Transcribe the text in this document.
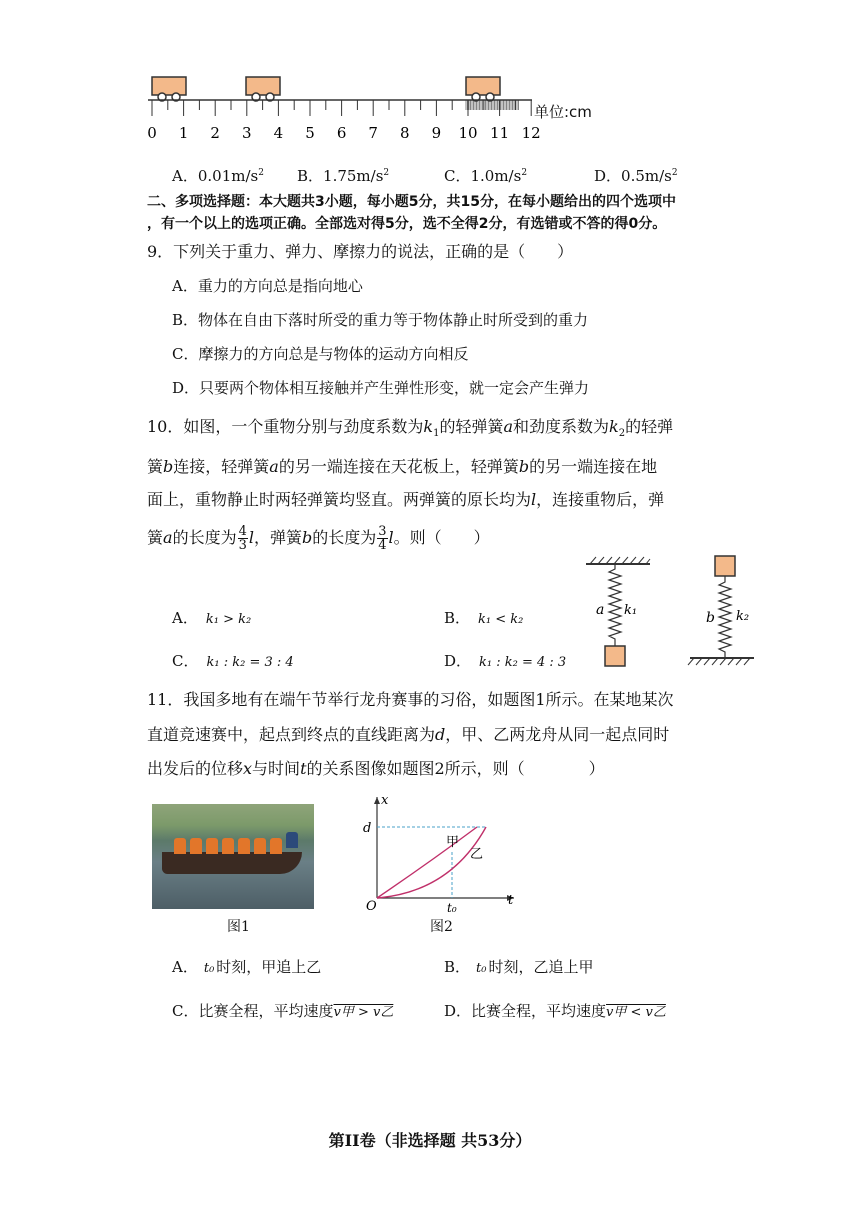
0 1 2 3 4 5 6 7 8 9 10 11 12
单位:cm
A．$0.01m/s^2$ B．$1.75m/s^2$	C．$1.0m/s^2$	D．$0.5m/s^2$
二、多项选择题：本大题共3小题，每小题5分，共15分，在每小题给出的四个选项中
，有一个以上的选项正确。全部选对得5分，选不全得2分，有选错或不答的得0分。
9．下列关于重力、弹力、摩擦力的说法，正确的是（　　）
A．重力的方向总是指向地心
B．物体在自由下落时所受的重力等于物体静止时所受到的重力
C．摩擦力的方向总是与物体的运动方向相反
D．只要两个物体相互接触并产生弹性形变，就一定会产生弹力
10．如图，一个重物分别与劲度系数为$k_1$的轻弹簧a和劲度系数为$k_2$的轻弹
簧b连接，轻弹簧a的另一端连接在天花板上，轻弹簧b的另一端连接在地
面上，重物静止时两轻弹簧均竖直。两弹簧的原长均为l，连接重物后，弹
簧a的长度为 $\frac{4}{3}$ l，弹簧b的长度为 $\frac{3}{4}$ l。则（　　）
A． k₁ > k₂	B． k₁ < k₂
C． k₁ : k₂ = 3 : 4	D． k₁ : k₂ = 4 : 3
a k₁	b k₂
11．我国多地有在端午节举行龙舟赛事的习俗，如题图1所示。在某地某次
直道竞速赛中，起点到终点的直线距离为d，甲、乙两龙舟从同一起点同时
出发后的位移x与时间t的关系图像如题图2所示，则（　　　　）
图1
x
t
d
O	t₀
甲
乙
图2
A． t₀ 时刻，甲追上乙	B． t₀ 时刻，乙追上甲
C．比赛全程，平均速度v甲 > v乙	D．比赛全程，平均速度v甲 < v乙
第II卷（非选择题 共53分）
